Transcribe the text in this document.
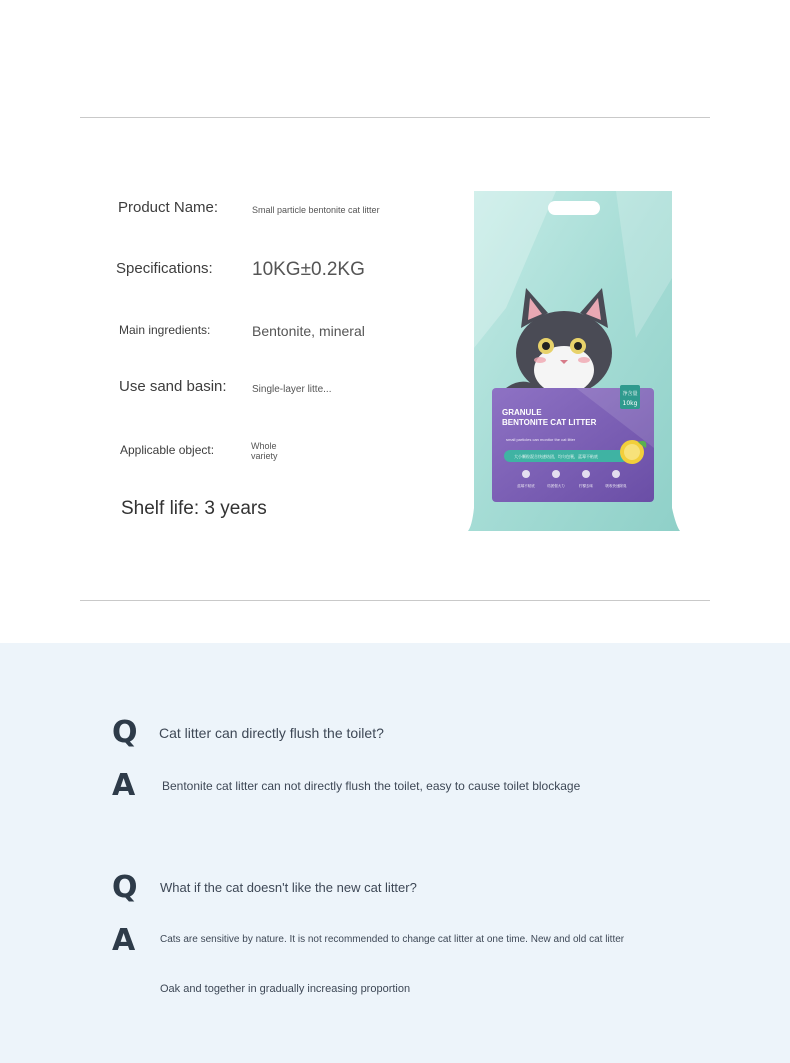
Product Name:	Small particle bentonite cat litter
Specifications: 10KG±0.2KG
Main ingredients:	Bentonite, mineral
Use sand basin:	Single-layer litte...
Applicable object:	Whole variety
Shelf life: 3 years
净含量
10kg
GRANULE
BENTONITE CAT LITTER
small particles can monitor the cat litter
大小颗粒混合快速结团，均匀包裹，蓝莓不粘底
蓝莓不粘底	结团强大力	柠檬去味	吸收快速除臭
Q Cat litter can directly flush the toilet?
A Bentonite cat litter can not directly flush the toilet, easy to cause toilet blockage
Q What if the cat doesn't like the new cat litter?
A Cats are sensitive by nature. It is not recommended to change cat litter at one time. New and old cat litter
Oak and together in gradually increasing proportion
